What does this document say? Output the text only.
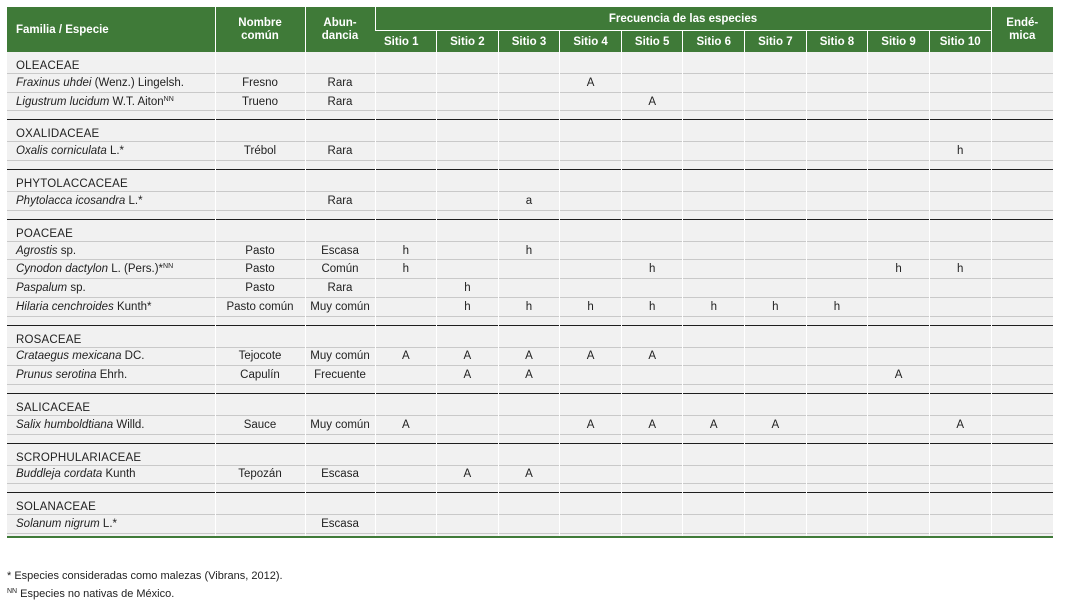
Familia / Especie	Nombre
común	Abun-
dancia	Frecuencia de las especies										Endé-
mica
			Sitio 1	Sitio 2	Sitio 3	Sitio 4	Sitio 5	Sitio 6	Sitio 7	Sitio 8	Sitio 9	Sitio 10	
OLEACEAE													
Fraxinus uhdei (Wenz.) Lingelsh.	Fresno	Rara				A							
Ligustrum lucidum W.T. Aiton$^{NN}$	Trueno	Rara					A						

OXALIDACEAE													
Oxalis corniculata L.*	Trébol	Rara										h	

PHYTOLACCACEAE													
Phytolacca icosandra L.*		Rara			a								

POACEAE													
Agrostis sp.	Pasto	Escasa	h		h								
Cynodon dactylon L. (Pers.)*$^{NN}$	Pasto	Común	h				h				h	h	
Paspalum sp.	Pasto	Rara		h									
Hilaria cenchroides Kunth*	Pasto común	Muy común		h	h	h	h	h	h	h			

ROSACEAE													
Crataegus mexicana DC.	Tejocote	Muy común	A	A	A	A	A						
Prunus serotina Ehrh.	Capulín	Frecuente		A	A						A		

SALICACEAE													
Salix humboldtiana Willd.	Sauce	Muy común	A			A	A	A	A			A	

SCROPHULARIACEAE													
Buddleja cordata Kunth	Tepozán	Escasa		A	A								

SOLANACEAE													
Solanum nigrum L.*		Escasa											

* Especies consideradas como malezas (Vibrans, 2012).

$^{NN}$ Especies no nativas de México.
